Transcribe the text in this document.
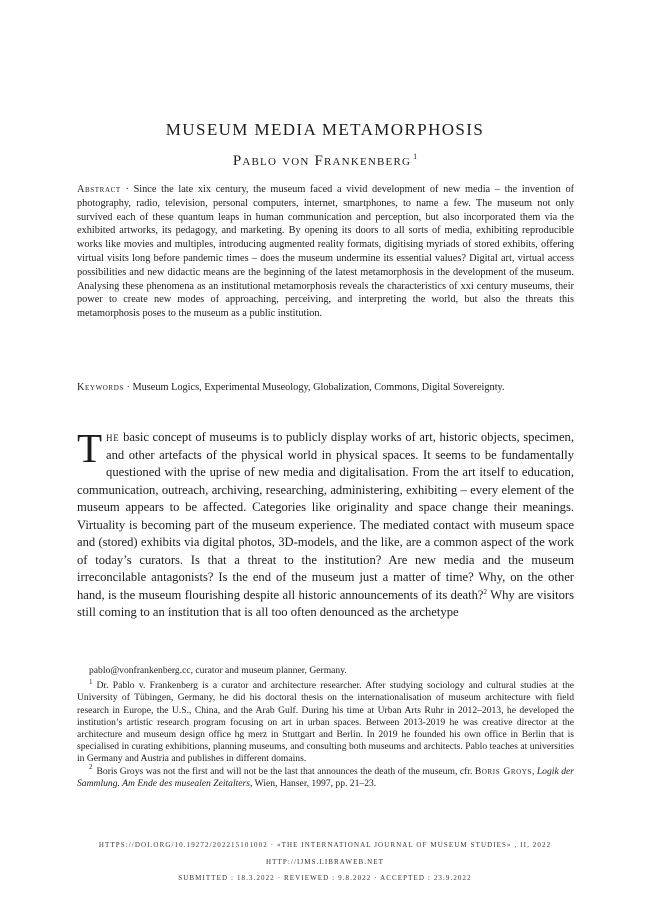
MUSEUM MEDIA METAMORPHOSIS
Pablo von Frankenberg $^1$

Abstract · Since the late xix century, the museum faced a vivid development of new media – the invention of photography, radio, television, personal computers, internet, smartphones, to name a few. The museum not only survived each of these quantum leaps in human communication and perception, but also incorporated them via the exhibited artworks, its pedagogy, and marketing. By opening its doors to all sorts of media, exhibiting reproducible works like movies and multiples, introducing augmented reality formats, digitising myriads of stored exhibits, offering virtual visits long before pandemic times – does the museum undermine its essential values? Digital art, virtual access possibilities and new didactic means are the beginning of the latest metamorphosis in the development of the museum. Analysing these phenomena as an institutional metamorphosis reveals the characteristics of xxi century museums, their power to create new modes of approaching, perceiving, and interpreting the world, but also the threats this metamorphosis poses to the museum as a public institution.

Keywords · Museum Logics, Experimental Museology, Globalization, Commons, Digital Sovereignty.

The basic concept of museums is to publicly display works of art, historic objects, specimen, and other artefacts of the physical world in physical spaces. It seems to be fundamentally questioned with the uprise of new media and digitalisation. From the art itself to education, communication, outreach, archiving, researching, administering, exhibiting – every element of the museum appears to be affected. Categories like originality and space change their meanings. Virtuality is becoming part of the museum experience. The mediated contact with museum space and (stored) exhibits via digital photos, 3D-models, and the like, are a common aspect of the work of today’s curators. Is that a threat to the institution? Are new media and the museum irreconcilable antagonists? Is the end of the museum just a matter of time? Why, on the other hand, is the museum flourishing despite all historic announcements of its death?$^2$ Why are visitors still coming to an institution that is all too often denounced as the archetype

pablo@vonfrankenberg.cc, curator and museum planner, Germany.

$^1$ Dr. Pablo v. Frankenberg is a curator and architecture researcher. After studying sociology and cultural studies at the University of Tübingen, Germany, he did his doctoral thesis on the internationalisation of museum architecture with field research in Europe, the U.S., China, and the Arab Gulf. During his time at Urban Arts Ruhr in 2012–2013, he developed the institution’s artistic research program focusing on art in urban spaces. Between 2013-2019 he was creative director at the architecture and museum design office hg merz in Stuttgart and Berlin. In 2019 he founded his own office in Berlin that is specialised in curating exhibitions, planning museums, and consulting both museums and architects. Pablo teaches at universities in Germany and Austria and publishes in different domains.

$^2$ Boris Groys was not the first and will not be the last that announces the death of the museum, cfr. Boris Groys, Logik der Sammlung. Am Ende des musealen Zeitalters, Wien, Hanser, 1997, pp. 21–23.

HTTPS://DOI.ORG/10.19272/202215101002 · «THE INTERNATIONAL JOURNAL OF MUSEUM STUDIES» , II, 2022
HTTP://IJMS.LIBRAWEB.NET
SUBMITTED : 18.3.2022 · REVIEWED : 9.8.2022 · ACCEPTED : 23.9.2022
